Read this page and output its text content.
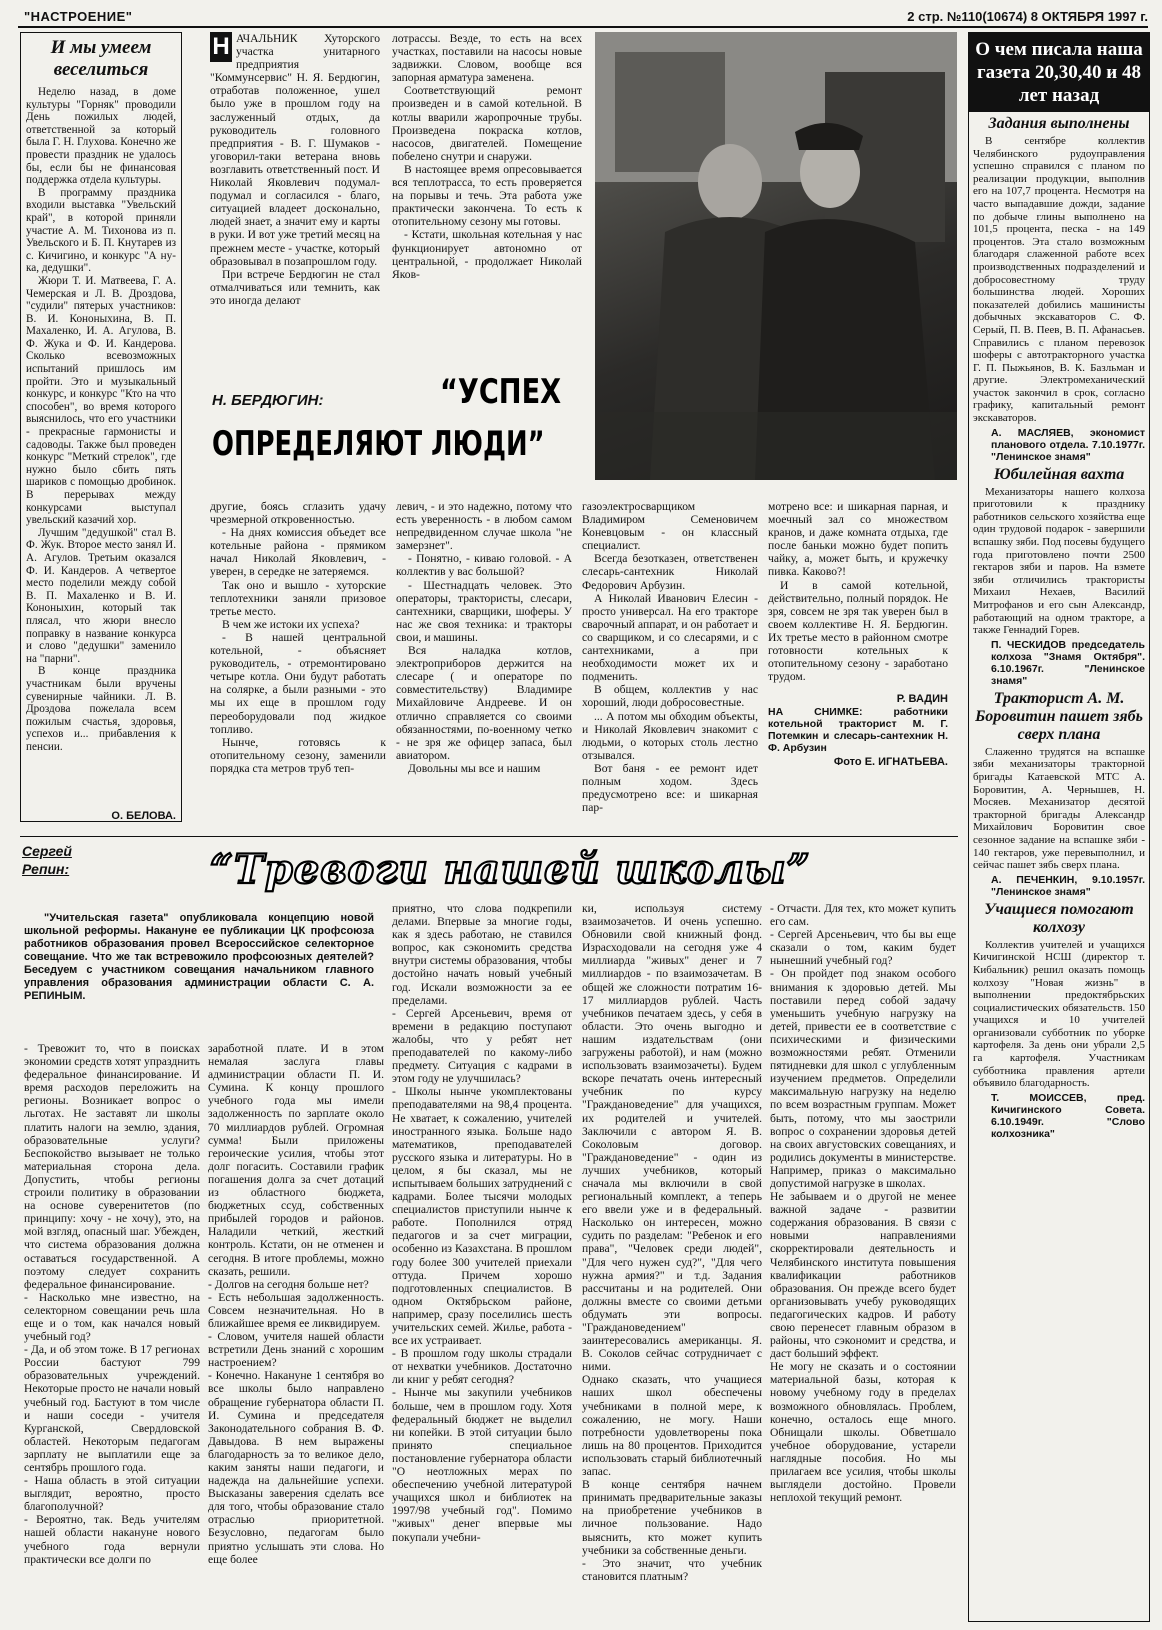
"НАСТРОЕНИЕ"	2 стр. №110(10674) 8 ОКТЯБРЯ 1997 г.
И мы умеем веселиться

Неделю назад, в доме культуры "Горняк" проводили День пожилых людей, ответственной за который была Г. Н. Глухова. Конечно же провести праздник не удалось бы, если бы не финансовая поддержка отдела культуры.

В программу праздника входили выставка "Увельский край", в которой приняли участие А. М. Тихонова из п. Увельского и Б. П. Кнутарев из с. Кичигино, и конкурс "А ну-ка, дедушки".

Жюри Т. И. Матвеева, Г. А. Чемерская и Л. В. Дроздова, "судили" пятерых участников: В. И. Кононыхина, В. П. Махаленко, И. А. Агулова, В. Ф. Жука и Ф. И. Кандерова. Сколько всевозможных испытаний пришлось им пройти. Это и музыкальный конкурс, и конкурс "Кто на что способен", во время которого выяснилось, что его участники - прекрасные гармонисты и садоводы. Также был проведен конкурс "Меткий стрелок", где нужно было сбить пять шариков с помощью дробинок. В перерывах между конкурсами выступал увельский казачий хор.

Лучшим "дедушкой" стал В. Ф. Жук. Второе место занял И. А. Агулов. Третьим оказался Ф. И. Кандеров. А четвертое место поделили между собой В. П. Махаленко и В. И. Кононыхин, который так плясал, что жюри внесло поправку в название конкурса и слово "дедушки" заменило на "парни".

В конце праздника участникам были вручены сувенирные чайники. Л. В. Дроздова пожелала всем пожилым счастья, здоровья, успехов и... прибавления к пенсии.

О. БЕЛОВА.

Н АЧАЛЬНИК Хуторского участка унитарного предприятия "Коммунсервис" Н. Я. Бердюгин, отработав положенное, ушел было уже в прошлом году на заслуженный отдых, да руководитель головного предприятия - В. Г. Шумаков - уговорил-таки ветерана вновь возглавить ответственный пост. И Николай Яковлевич подумал-подумал и согласился - благо, ситуацией владеет досконально, людей знает, а значит ему и карты в руки. И вот уже третий месяц на прежнем месте - участке, который образовывал в позапрошлом году.

При встрече Бердюгин не стал отмалчиваться или темнить, как это иногда делают

лотрассы. Везде, то есть на всех участках, поставили на насосы новые задвижки. Словом, вообще вся запорная арматура заменена.

Соответствующий ремонт произведен и в самой котельной. В котлы вварили жаропрочные трубы. Произведена покраска котлов, насосов, двигателей. Помещение побелено снутри и снаружи.

В настоящее время опресовывается вся теплотрасса, то есть проверяется на порывы и течь. Эта работа уже практически закончена. То есть к отопительному сезону мы готовы.

- Кстати, школьная котельная у нас функционирует автономно от центральной, - продолжает Николай Яков-

Н. БЕРДЮГИН:	“УСПЕХ
ОПРЕДЕЛЯЮТ ЛЮДИ”

другие, боясь сглазить удачу чрезмерной откровенностью.

- На днях комиссия объедет все котельные района - прямиком начал Николай Яковлевич, - уверен, в середке не затеряемся.

Так оно и вышло - хуторские теплотехники заняли призовое третье место.

В чем же истоки их успеха?

- В нашей центральной котельной, - объясняет руководитель, - отремонтировано четыре котла. Они будут работать на солярке, а были разными - это мы их еще в прошлом году переоборудовали под жидкое топливо.

Нынче, готовясь к отопительному сезону, заменили порядка ста метров труб теп-

левич, - и это надежно, потому что есть уверенность - в любом самом непредвиденном случае школа "не замерзнет".

- Понятно, - киваю головой. - А коллектив у вас большой?

- Шестнадцать человек. Это операторы, трактористы, слесари, сантехники, сварщики, шоферы. У нас же своя техника: и тракторы свои, и машины.

Вся наладка котлов, электроприборов держится на слесаре ( и операторе по совместительству) Владимире Михайловиче Андрееве. И он отлично справляется со своими обязанностями, по-военному четко - не зря же офицер запаса, был авиатором.

Довольны мы все и нашим

газоэлектросварщиком Владимиром Семеновичем Коневцовым - он классный специалист.

Всегда безотказен, ответственен слесарь-сантехник Николай Федорович Арбузин.

А Николай Иванович Елесин - просто универсал. На его тракторе сварочный аппарат, и он работает и со сварщиком, и со слесарями, и с сантехниками, а при необходимости может их и подменить.

В общем, коллектив у нас хороший, люди добросовестные.

... А потом мы обходим объекты, и Николай Яковлевич знакомит с людьми, о которых столь лестно отзывался.

Вот баня - ее ремонт идет полным ходом. Здесь предусмотрено все: и шикарная пар-

мотрено все: и шикарная парная, и моечный зал со множеством кранов, и даже комната отдыха, где после баньки можно будет попить чайку, а, может быть, и кружечку пивка. Каково?!

И в самой котельной, действительно, полный порядок. Не зря, совсем не зря так уверен был в своем коллективе Н. Я. Бердюгин. Их третье место в районном смотре готовности котельных к отопительному сезону - заработано трудом.

Р. ВАДИН
НА СНИМКЕ: работники котельной тракторист М. Г. Потемкин и слесарь-сантехник Н. Ф. Арбузин
Фото Е. ИГНАТЬЕВА.
О чем писала наша газета 20,30,40 и 48 лет назад
Задания выполнены

В сентябре коллектив Челябинского рудоуправления успешно справился с планом по реализации продукции, выполнив его на 107,7 процента. Несмотря на часто выпадавшие дожди, задание по добыче глины выполнено на 101,5 процента, песка - на 149 процентов. Эта стало возможным благодаря слаженной работе всех производственных подразделений и добросовестному труду большинства людей. Хороших показателей добились машинисты добычных экскаваторов С. Ф. Серый, П. В. Пеев, В. П. Афанасьев. Справились с планом перевозок шоферы с автотракторного участка Г. П. Пыжьянов, В. К. Базльман и другие. Электромеханический участок закончил в срок, согласно графику, капитальный ремонт экскаваторов.

А. МАСЛЯЕВ, экономист планового отдела. 7.10.1977г. "Ленинское знамя"
Юбилейная вахта

Механизаторы нашего колхоза приготовили к празднику работников сельского хозяйства еще один трудовой подарок - завершили вспашку зяби. Под посевы будущего года приготовлено почти 2500 гектаров зяби и паров. На взмете зяби отличились трактористы Михаил Нехаев, Василий Митрофанов и его сын Александр, работающий на одном тракторе, а также Геннадий Горев.

П. ЧЕСКИДОВ председатель колхоза "Знамя Октября". 6.10.1967г. "Ленинское знамя"
Тракторист А. М. Боровитин пашет зябь сверх плана

Слаженно трудятся на вспашке зяби механизаторы тракторной бригады Катаевской МТС А. Боровитин, А. Чернышев, Н. Мосяев. Механизатор десятой тракторной бригады Александр Михайлович Боровитин свое сезонное задание на вспашке зяби - 140 гектаров, уже перевыполнил, и сейчас пашет зябь сверх плана.

А. ПЕЧЕНКИН, 9.10.1957г. "Ленинское знамя"
Учащиеся помогают колхозу

Коллектив учителей и учащихся Кичигинской НСШ (директор т. Кибальник) решил оказать помощь колхозу "Новая жизнь" в выполнении предоктябрьских социалистических обязательств. 150 учащихся и 10 учителей организовали субботник по уборке картофеля. За день они убрали 2,5 га картофеля. Участникам субботника правления артели объявило благодарность.

Т. МОИССЕВ, пред. Кичигинского Совета. 6.10.1949г. "Слово колхозника"
Сергей Репин:	“Тревоги нашей школы”
"Учительская газета" опубликовала концепцию новой школьной реформы. Накануне ее публикации ЦК профсоюза работников образования провел Всероссийское селекторное совещание. Что же так встревожило профсоюзных деятелей? Беседуем с участником совещания начальником главного управления образования администрации области С. А. РЕПИНЫМ.
- Тревожит то, что в поисках экономии средств хотят упразднить федеральное финансирование. И время расходов переложить на регионы. Возникает вопрос о льготах. Не заставят ли школы платить налоги на землю, здания, образовательные услуги? Беспокойство вызывает не только материальная сторона дела. Допустить, чтобы регионы строили политику в образовании на основе суверенитетов (по принципу: хочу - не хочу), это, на мой взгляд, опасный шаг. Убежден, что система образования должна оставаться государственной. А поэтому следует сохранить федеральное финансирование.
- Насколько мне известно, на селекторном совещании речь шла еще и о том, как начался новый учебный год?
- Да, и об этом тоже. В 17 регионах России бастуют 799 образовательных учреждений. Некоторые просто не начали новый учебный год. Бастуют в том числе и наши соседи - учителя Курганской, Свердловской областей. Некоторым педагогам зарплату не выплатили еще за сентябрь прошлого года.
- Наша область в этой ситуации выглядит, вероятно, просто благополучной?
- Вероятно, так. Ведь учителям нашей области накануне нового учебного года вернули практически все долги по
заработной плате. И в этом немалая заслуга главы администрации области П. И. Сумина. К концу прошлого учебного года мы имели задолженность по зарплате около 70 миллиардов рублей. Огромная сумма! Были приложены героические усилия, чтобы этот долг погасить. Составили график погашения долга за счет дотаций из областного бюджета, бюджетных ссуд, собственных прибылей городов и районов. Наладили четкий, жесткий контроль. Кстати, он не отменен и сегодня. В итоге проблемы, можно сказать, решили.
- Долгов на сегодня больше нет?
- Есть небольшая задолженность. Совсем незначительная. Но в ближайшее время ее ликвидируем.
- Словом, учителя нашей области встретили День знаний с хорошим настроением?
- Конечно. Накануне 1 сентября во все школы было направлено обращение губернатора области П. И. Сумина и председателя Законодательного собрания В. Ф. Давыдова. В нем выражены благодарность за то великое дело, каким заняты наши педагоги, и надежда на дальнейшие успехи. Высказаны заверения сделать все для того, чтобы образование стало отраслью приоритетной. Безусловно, педагогам было приятно услышать эти слова. Но еще более
приятно, что слова подкрепили делами. Впервые за многие годы, как я здесь работаю, не ставился вопрос, как сэкономить средства внутри системы образования, чтобы достойно начать новый учебный год. Искали возможности за ее пределами.
- Сергей Арсеньевич, время от времени в редакцию поступают жалобы, что у ребят нет преподавателей по какому-либо предмету. Ситуация с кадрами в этом году не улучшилась?
- Школы нынче укомплектованы преподавателями на 98,4 процента. Не хватает, к сожалению, учителей иностранного языка. Больше надо математиков, преподавателей русского языка и литературы. Но в целом, я бы сказал, мы не испытываем больших затруднений с кадрами. Более тысячи молодых специалистов приступили нынче к работе. Пополнился отряд педагогов и за счет миграции, особенно из Казахстана. В прошлом году более 300 учителей приехали оттуда. Причем хорошо подготовленных специалистов. В одном Октябрьском районе, например, сразу поселились шесть учительских семей. Жилье, работа - все их устраивает.
- В прошлом году школы страдали от нехватки учебников. Достаточно ли книг у ребят сегодня?
- Нынче мы закупили учебников больше, чем в прошлом году. Хотя федеральный бюджет не выделил ни копейки. В этой ситуации было принято специальное постановление губернатора области "О неотложных мерах по обеспечению учебной литературой учащихся школ и библиотек на 1997/98 учебный год". Помимо "живых" денег впервые мы покупали учебни-
ки, используя систему взаимозачетов. И очень успешно. Обновили свой книжный фонд. Израсходовали на сегодня уже 4 миллиарда "живых" денег и 7 миллиардов - по взаимозачетам. В общей же сложности потратим 16-17 миллиардов рублей. Часть учебников печатаем здесь, у себя в области. Это очень выгодно и нашим издательствам (они загружены работой), и нам (можно использовать взаимозачеты). Будем вскоре печатать очень интересный учебник по курсу "Граждановедение" для учащихся, их родителей и учителей. Заключили с автором Я. В. Соколовым договор. "Граждановедение" - один из лучших учебников, который сначала мы включили в свой региональный комплект, а теперь его ввели уже и в федеральный. Насколько он интересен, можно судить по разделам: "Ребенок и его права", "Человек среди людей", "Для чего нужен суд?", "Для чего нужна армия?" и т.д. Задания рассчитаны и на родителей. Они должны вместе со своими детьми обдумать эти вопросы. "Граждановедением" заинтересовались американцы. Я. В. Соколов сейчас сотрудничает с ними.
Однако сказать, что учащиеся наших школ обеспечены учебниками в полной мере, к сожалению, не могу. Наши потребности удовлетворены пока лишь на 80 процентов. Приходится использовать старый библиотечный запас.
В конце сентября начнем принимать предварительные заказы на приобретение учебников в личное пользование. Надо выяснить, кто может купить учебники за собственные деньги.
- Это значит, что учебник становится платным?
- Отчасти. Для тех, кто может купить его сам.
- Сергей Арсеньевич, что бы вы еще сказали о том, каким будет нынешний учебный год?
- Он пройдет под знаком особого внимания к здоровью детей. Мы поставили перед собой задачу уменьшить учебную нагрузку на детей, привести ее в соответствие с психическими и физическими возможностями ребят. Отменили пятидневки для школ с углубленным изучением предметов. Определили максимальную нагрузку на неделю по всем возрастным группам. Может быть, потому, что мы заострили вопрос о сохранении здоровья детей на своих августовских совещаниях, и родились документы в министерстве. Например, приказ о максимально допустимой нагрузке в школах.
Не забываем и о другой не менее важной задаче - развитии содержания образования. В связи с новыми направлениями скорректировали деятельность и Челябинского института повышения квалификации работников образования. Он прежде всего будет организовывать учебу руководящих педагогических кадров. И работу свою перенесет главным образом в районы, что сэкономит и средства, и даст больший эффект.
Не могу не сказать и о состоянии материальной базы, которая к новому учебному году в пределах возможного обновлялась. Проблем, конечно, осталось еще много. Обнищали школы. Обветшало учебное оборудование, устарели наглядные пособия. Но мы прилагаем все усилия, чтобы школы выглядели достойно. Провели неплохой текущий ремонт.
